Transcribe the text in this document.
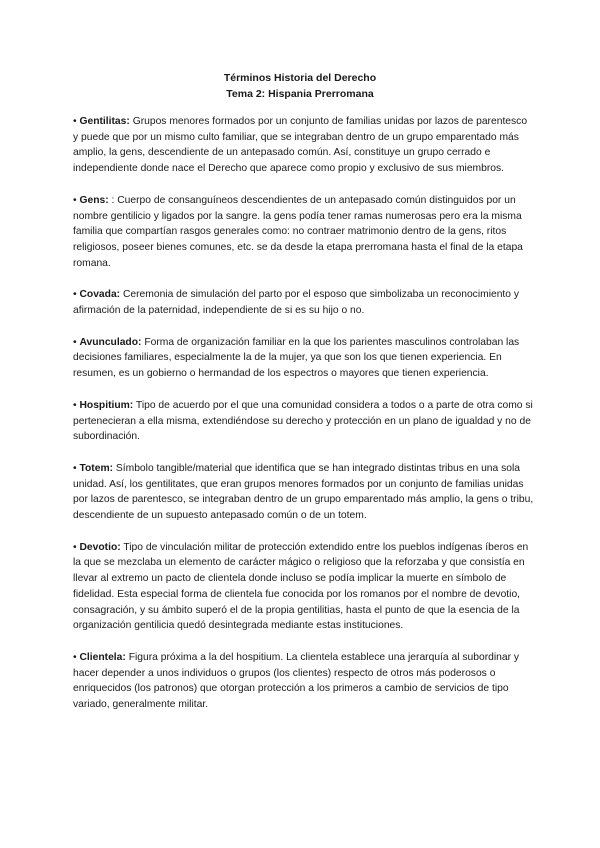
Términos Historia del Derecho
Tema 2: Hispania Prerromana

• Gentilitas: Grupos menores formados por un conjunto de familias unidas por lazos de parentesco y puede que por un mismo culto familiar, que se integraban dentro de un grupo emparentado más amplio, la gens, descendiente de un antepasado común. Así, constituye un grupo cerrado e independiente donde nace el Derecho que aparece como propio y exclusivo de sus miembros.

• Gens: : Cuerpo de consanguíneos descendientes de un antepasado común distinguidos por un nombre gentilicio y ligados por la sangre. la gens podía tener ramas numerosas pero era la misma familia que compartían rasgos generales como: no contraer matrimonio dentro de la gens, ritos religiosos, poseer bienes comunes, etc. se da desde la etapa prerromana hasta el final de la etapa romana.

• Covada: Ceremonia de simulación del parto por el esposo que simbolizaba un reconocimiento y afirmación de la paternidad, independiente de si es su hijo o no.

• Avunculado: Forma de organización familiar en la que los parientes masculinos controlaban las decisiones familiares, especialmente la de la mujer, ya que son los que tienen experiencia. En resumen, es un gobierno o hermandad de los espectros o mayores que tienen experiencia.

• Hospitium: Tipo de acuerdo por el que una comunidad considera a todos o a parte de otra como si pertenecieran a ella misma, extendiéndose su derecho y protección en un plano de igualdad y no de subordinación.

• Totem: Símbolo tangible/material que identifica que se han integrado distintas tribus en una sola unidad. Así, los gentilitates, que eran grupos menores formados por un conjunto de familias unidas por lazos de parentesco, se integraban dentro de un grupo emparentado más amplio, la gens o tribu, descendiente de un supuesto antepasado común o de un totem.

• Devotio: Tipo de vinculación militar de protección extendido entre los pueblos indígenas íberos en la que se mezclaba un elemento de carácter mágico o religioso que la reforzaba y que consistía en llevar al extremo un pacto de clientela donde incluso se podía implicar la muerte en símbolo de fidelidad. Esta especial forma de clientela fue conocida por los romanos por el nombre de devotio, consagración, y su ámbito superó el de la propia gentilitias, hasta el punto de que la esencia de la organización gentilicia quedó desintegrada mediante estas instituciones.

• Clientela: Figura próxima a la del hospitium. La clientela establece una jerarquía al subordinar y hacer depender a unos individuos o grupos (los clientes) respecto de otros más poderosos o enriquecidos (los patronos) que otorgan protección a los primeros a cambio de servicios de tipo variado, generalmente militar.
